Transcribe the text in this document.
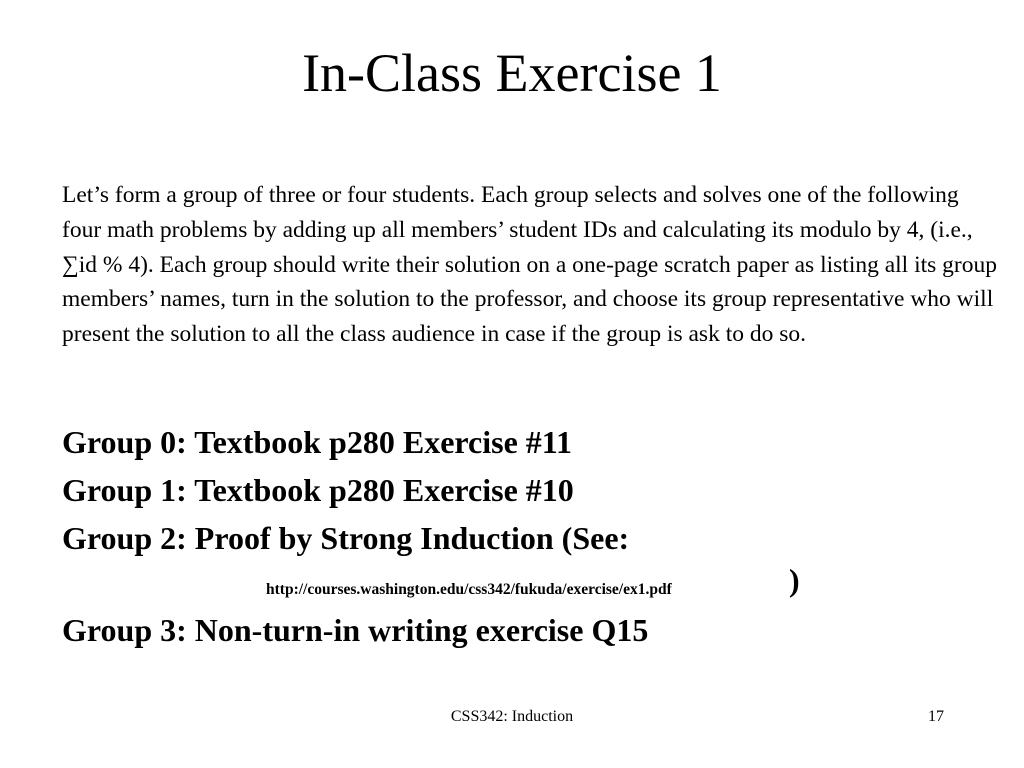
In-Class Exercise 1

Let’s form a group of three or four students. Each group selects and solves one of the following four math problems by adding up all members’ student IDs and calculating its modulo by 4, (i.e., ∑id % 4). Each group should write their solution on a one-page scratch paper as listing all its group members’ names, turn in the solution to the professor, and choose its group representative who will present the solution to all the class audience in case if the group is ask to do so.

Group 0: Textbook p280 Exercise #11
Group 1: Textbook p280 Exercise #10
Group 2: Proof by Strong Induction (See:
http://courses.washington.edu/css342/fukuda/exercise/ex1.pdf	)
Group 3: Non-turn-in writing exercise Q15
CSS342: Induction	17
